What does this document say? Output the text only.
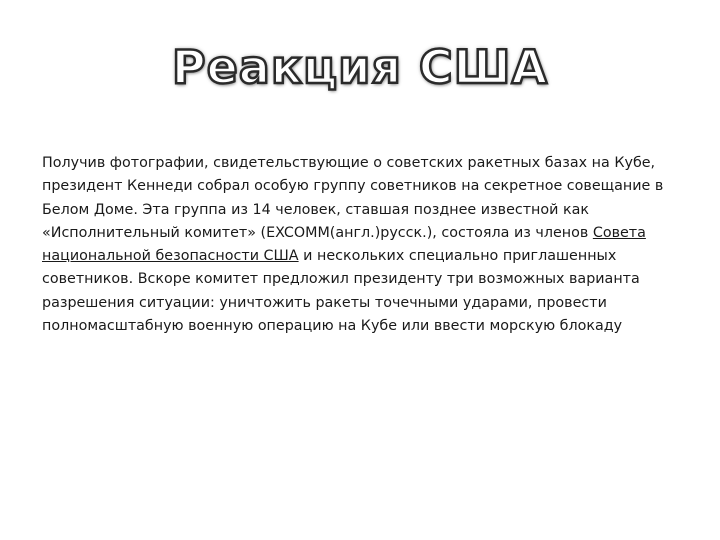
Реакция США

Получив фотографии, свидетельствующие о советских ракетных базах на Кубе, президент Кеннеди собрал особую группу советников на секретное совещание в Белом Доме. Эта группа из 14 человек, ставшая позднее известной как «Исполнительный комитет» (EXCOMM(англ.)русск.), состояла из членов Совета национальной безопасности США и нескольких специально приглашенных советников. Вскоре комитет предложил президенту три возможных варианта разрешения ситуации: уничтожить ракеты точечными ударами, провести полномасштабную военную операцию на Кубе или ввести морскую блокаду
